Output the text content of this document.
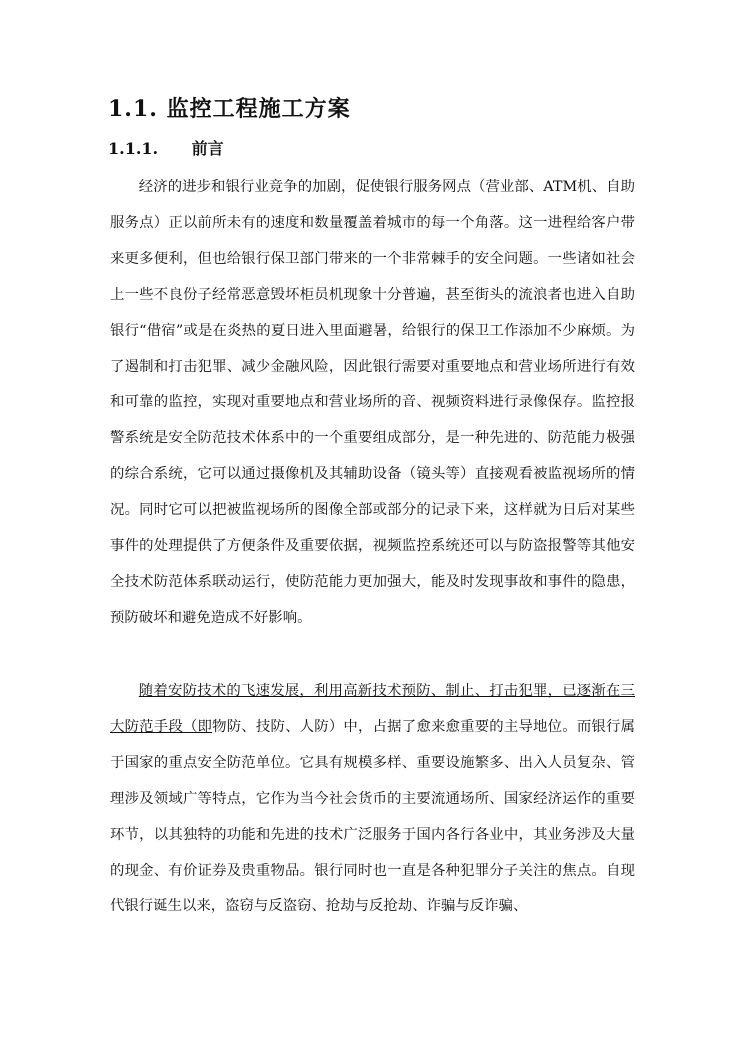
1.1. 监控工程施工方案
1.1.1. 前言

经济的进步和银行业竞争的加剧，促使银行服务网点（营业部、ATM机、自助服务点）正以前所未有的速度和数量覆盖着城市的每一个角落。这一进程给客户带来更多便利，但也给银行保卫部门带来的一个非常棘手的安全问题。一些诸如社会上一些不良份子经常恶意毁坏柜员机现象十分普遍，甚至街头的流浪者也进入自助银行“借宿”或是在炎热的夏日进入里面避暑，给银行的保卫工作添加不少麻烦。为了遏制和打击犯罪、减少金融风险，因此银行需要对重要地点和营业场所进行有效和可靠的监控，实现对重要地点和营业场所的音、视频资料进行录像保存。监控报警系统是安全防范技术体系中的一个重要组成部分，是一种先进的、防范能力极强的综合系统，它可以通过摄像机及其辅助设备（镜头等）直接观看被监视场所的情况。同时它可以把被监视场所的图像全部或部分的记录下来，这样就为日后对某些事件的处理提供了方便条件及重要依据，视频监控系统还可以与防盗报警等其他安全技术防范体系联动运行，使防范能力更加强大，能及时发现事故和事件的隐患，预防破坏和避免造成不好影响。

随着安防技术的飞速发展，利用高新技术预防、制止、打击犯罪，已逐渐在三大防范手段（即物防、技防、人防）中，占据了愈来愈重要的主导地位。而银行属于国家的重点安全防范单位。它具有规模多样、重要设施繁多、出入人员复杂、管理涉及领域广等特点，它作为当今社会货币的主要流通场所、国家经济运作的重要环节，以其独特的功能和先进的技术广泛服务于国内各行各业中，其业务涉及大量的现金、有价证券及贵重物品。银行同时也一直是各种犯罪分子关注的焦点。自现代银行诞生以来，盗窃与反盗窃、抢劫与反抢劫、诈骗与反诈骗、
